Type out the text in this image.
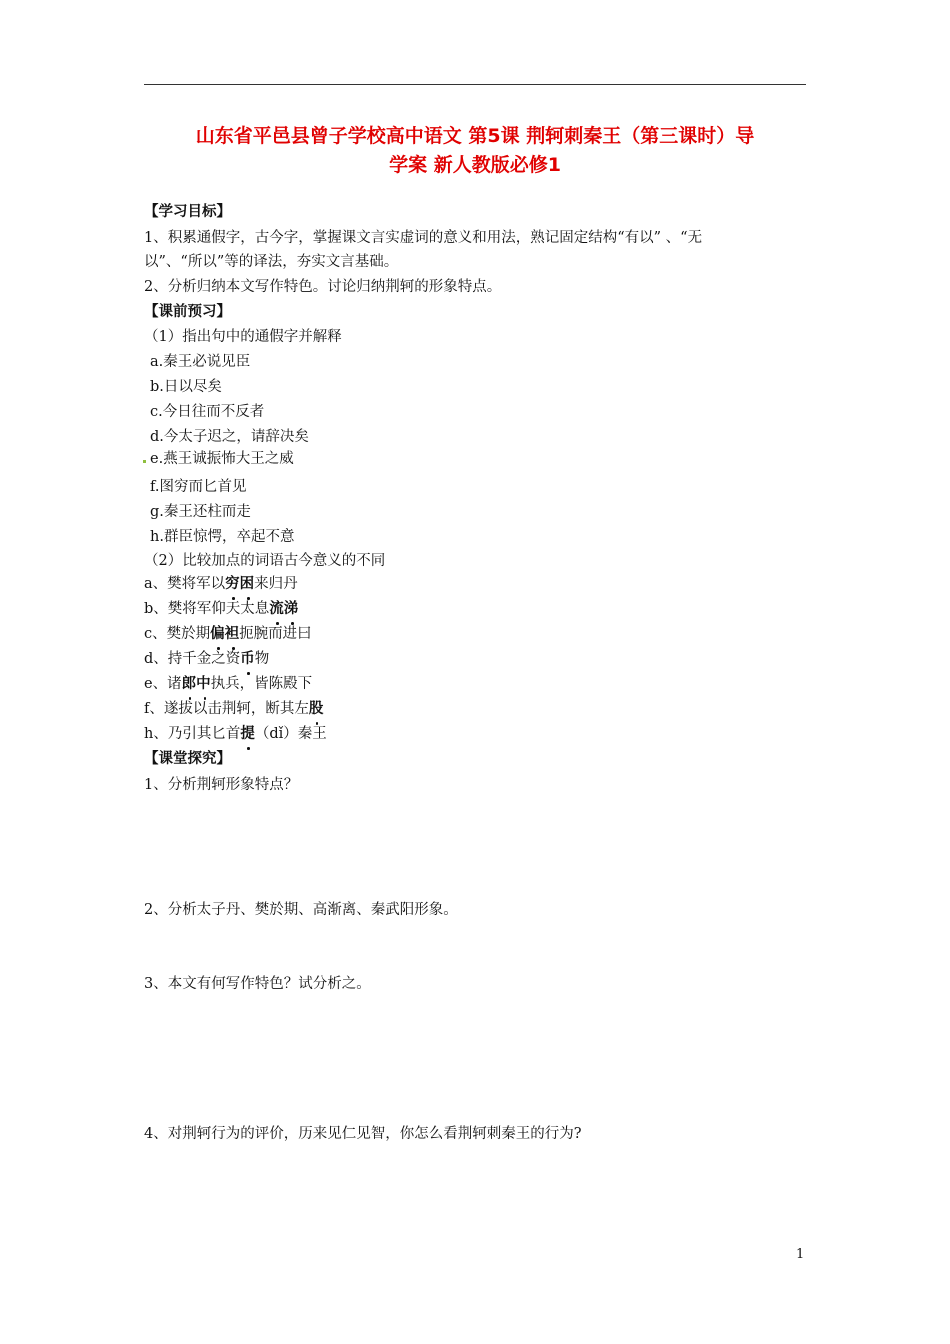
山东省平邑县曾子学校高中语文 第5课 荆轲刺秦王（第三课时）导
学案 新人教版必修1
【学习目标】
1、积累通假字，古今字，掌握课文言实虚词的意义和用法，熟记固定结构“有以” 、“无
以”、“所以”等的译法，夯实文言基础。
2、分析归纳本文写作特色。讨论归纳荆轲的形象特点。
【课前预习】
（1）指出句中的通假字并解释
a.秦王必说见臣
b.日以尽矣
c.今日往而不反者
d.今太子迟之，请辞决矣
e.燕王诚振怖大王之威
f.图穷而匕首见
g.秦王还柱而走
h.群臣惊愕，卒起不意
（2）比较加点的词语古今意义的不同
a、樊将军以穷困
来归丹
b、樊将军仰天太息流涕
c、樊於期偏袒
扼腕而进曰
d、持千金之资币
物
e、诸郎中
执兵，皆陈殿下
f、遂拔以击荆轲，断其左股
h、乃引其匕首提
（dǐ）秦王
【课堂探究】
1、分析荆轲形象特点？
2、分析太子丹、樊於期、高渐离、秦武阳形象。
3、本文有何写作特色？试分析之。
4、对荆轲行为的评价，历来见仁见智，你怎么看荆轲刺秦王的行为?
1
